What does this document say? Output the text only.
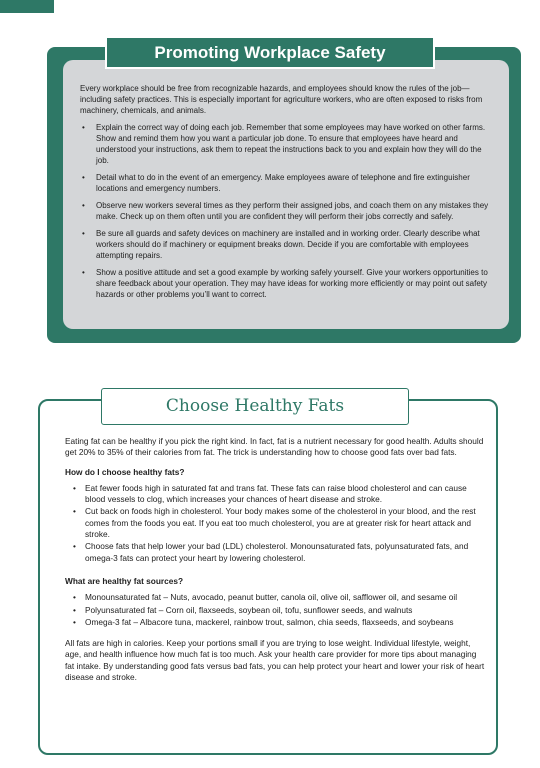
Every workplace should be free from recognizable hazards, and employees should know the rules of the job—including safety practices. This is especially important for agriculture workers, who are often exposed to risks from machinery, chemicals, and animals.

• Explain the correct way of doing each job. Remember that some employees may have worked on other farms. Show and remind them how you want a particular job done. To ensure that employees have heard and understood your instructions, ask them to repeat the instructions back to you and explain how they will do the job.
• Detail what to do in the event of an emergency. Make employees aware of telephone and fire extinguisher locations and emergency numbers.
• Observe new workers several times as they perform their assigned jobs, and coach them on any mistakes they make. Check up on them often until you are confident they will perform their jobs correctly and safely.
• Be sure all guards and safety devices on machinery are installed and in working order. Clearly describe what workers should do if machinery or equipment breaks down. Decide if you are comfortable with employees attempting repairs.
• Show a positive attitude and set a good example by working safely yourself. Give your workers opportunities to share feedback about your operation. They may have ideas for working more efficiently or may point out safety hazards or other problems you’ll want to correct.
Promoting Workplace Safety
Choose Healthy Fats

Eating fat can be healthy if you pick the right kind. In fact, fat is a nutrient necessary for good health. Adults should get 20% to 35% of their calories from fat. The trick is understanding how to choose good fats over bad fats.

How do I choose healthy fats?
• Eat fewer foods high in saturated fat and trans fat. These fats can raise blood cholesterol and can cause blood vessels to clog, which increases your chances of heart disease and stroke.
• Cut back on foods high in cholesterol. Your body makes some of the cholesterol in your blood, and the rest comes from the foods you eat. If you eat too much cholesterol, you are at greater risk for heart attack and stroke.
• Choose fats that help lower your bad (LDL) cholesterol. Monounsaturated fats, polyunsaturated fats, and omega-3 fats can protect your heart by lowering cholesterol.
What are healthy fat sources?
• Monounsaturated fat – Nuts, avocado, peanut butter, canola oil, olive oil, safflower oil, and sesame oil
• Polyunsaturated fat – Corn oil, flaxseeds, soybean oil, tofu, sunflower seeds, and walnuts
• Omega-3 fat – Albacore tuna, mackerel, rainbow trout, salmon, chia seeds, flaxseeds, and soybeans

All fats are high in calories. Keep your portions small if you are trying to lose weight. Individual lifestyle, weight, age, and health influence how much fat is too much. Ask your health care provider for more tips about managing fat intake. By understanding good fats versus bad fats, you can help protect your heart and lower your risk of heart disease and stroke.
